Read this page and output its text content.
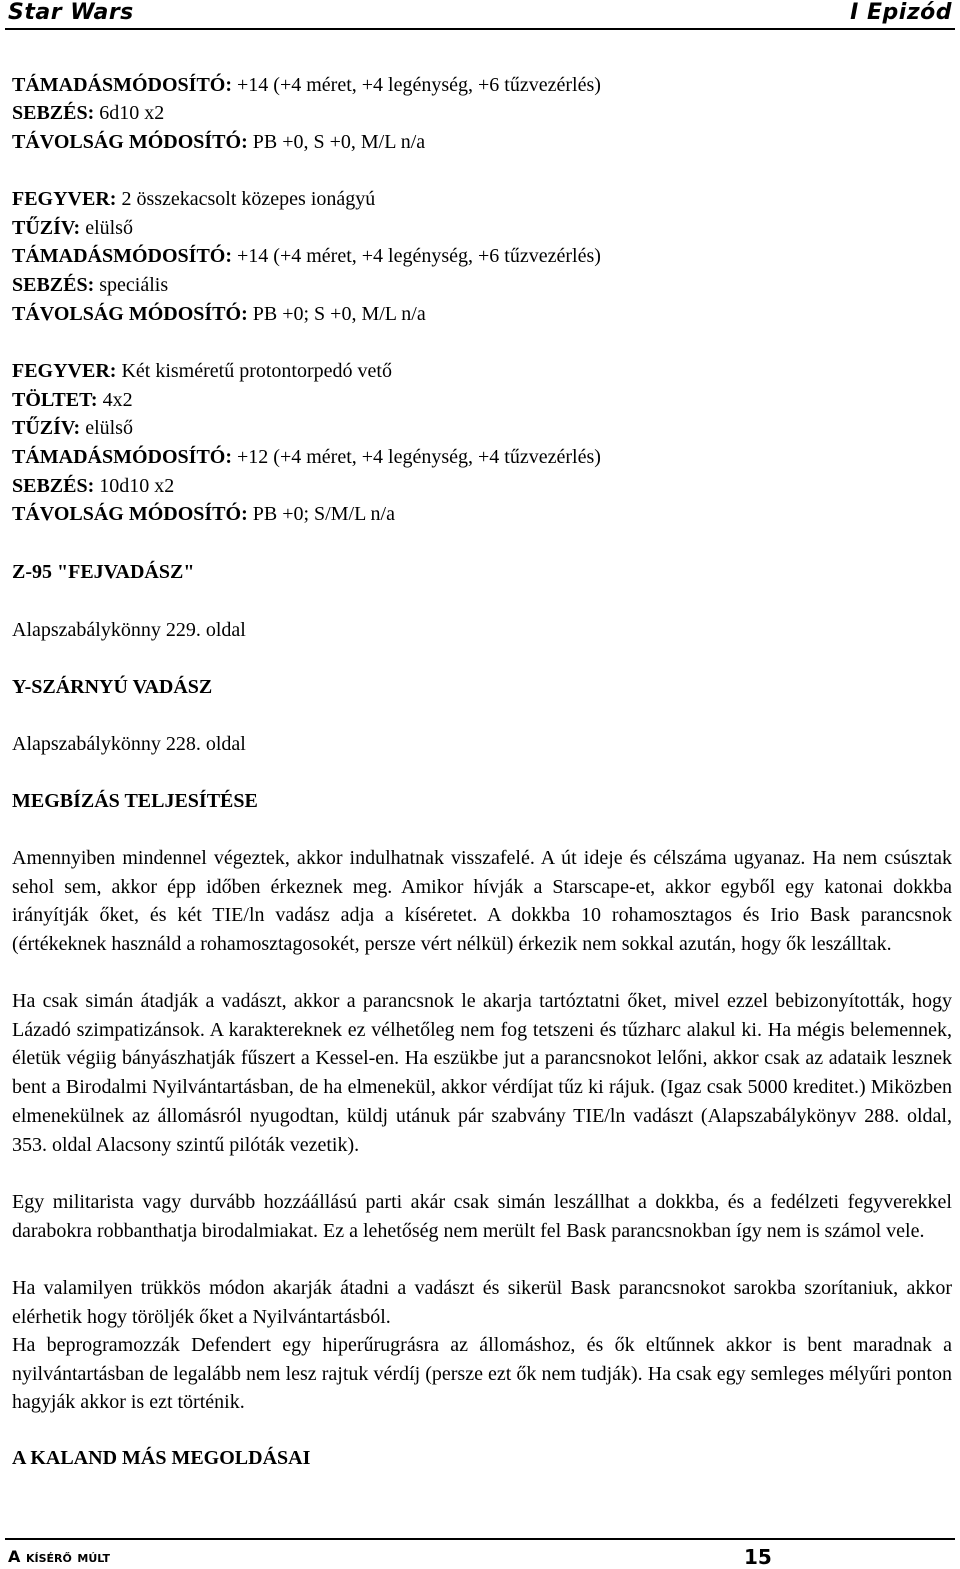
Star Wars	I Epizód
TÁMADÁSMÓDOSÍTÓ: +14 (+4 méret, +4 legénység, +6 tűzvezérlés)
SEBZÉS: 6d10 x2
TÁVOLSÁG MÓDOSÍTÓ: PB +0, S +0, M/L n/a
FEGYVER: 2 összekacsolt közepes ionágyú
TŰZÍV: elülső
TÁMADÁSMÓDOSÍTÓ: +14 (+4 méret, +4 legénység, +6 tűzvezérlés)
SEBZÉS: speciális
TÁVOLSÁG MÓDOSÍTÓ: PB +0; S +0, M/L n/a
FEGYVER: Két kisméretű protontorpedó vető
TÖLTET: 4x2
TŰZÍV: elülső
TÁMADÁSMÓDOSÍTÓ: +12 (+4 méret, +4 legénység, +4 tűzvezérlés)
SEBZÉS: 10d10 x2
TÁVOLSÁG MÓDOSÍTÓ: PB +0; S/M/L n/a
Z-95 "FEJVADÁSZ"
Alapszabálykönny 229. oldal
Y-SZÁRNYÚ VADÁSZ
Alapszabálykönny 228. oldal
MEGBÍZÁS TELJESÍTÉSE
Amennyiben mindennel végeztek, akkor indulhatnak visszafelé. A út ideje és célszáma ugyanaz. Ha nem csúsztak sehol sem, akkor épp időben érkeznek meg. Amikor hívják a Starscape-et, akkor egyből egy katonai dokkba irányítják őket, és két TIE/ln vadász adja a kíséretet. A dokkba 10 rohamosztagos és Irio Bask parancsnok (értékeknek használd a rohamosztagosokét, persze vért nélkül) érkezik nem sokkal azután, hogy ők leszálltak.
Ha csak simán átadják a vadászt, akkor a parancsnok le akarja tartóztatni őket, mivel ezzel bebizonyították, hogy Lázadó szimpatizánsok. A karaktereknek ez vélhetőleg nem fog tetszeni és tűzharc alakul ki. Ha mégis belemennek, életük végiig bányászhatják fűszert a Kessel-en. Ha eszükbe jut a parancsnokot lelőni, akkor csak az adataik lesznek bent a Birodalmi Nyilvántartásban, de ha elmenekül, akkor vérdíjat tűz ki rájuk. (Igaz csak 5000 kreditet.) Miközben elmenekülnek az állomásról nyugodtan, küldj utánuk pár szabvány TIE/ln vadászt (Alapszabálykönyv 288. oldal, 353. oldal Alacsony szintű pilóták vezetik).
Egy militarista vagy durvább hozzáállású parti akár csak simán leszállhat a dokkba, és a fedélzeti fegyverekkel darabokra robbanthatja birodalmiakat. Ez a lehetőség nem merült fel Bask parancsnokban így nem is számol vele.
Ha valamilyen trükkös módon akarják átadni a vadászt és sikerül Bask parancsnokot sarokba szorítaniuk, akkor elérhetik hogy töröljék őket a Nyilvántartásból.
Ha beprogramozzák Defendert egy hiperűrugrásra az állomáshoz, és ők eltűnnek akkor is bent maradnak a nyilvántartásban de legalább nem lesz rajtuk vérdíj (persze ezt ők nem tudják). Ha csak egy semleges mélyűri ponton hagyják akkor is ezt történik.
A KALAND MÁS MEGOLDÁSAI
A kísérő múlt	15
